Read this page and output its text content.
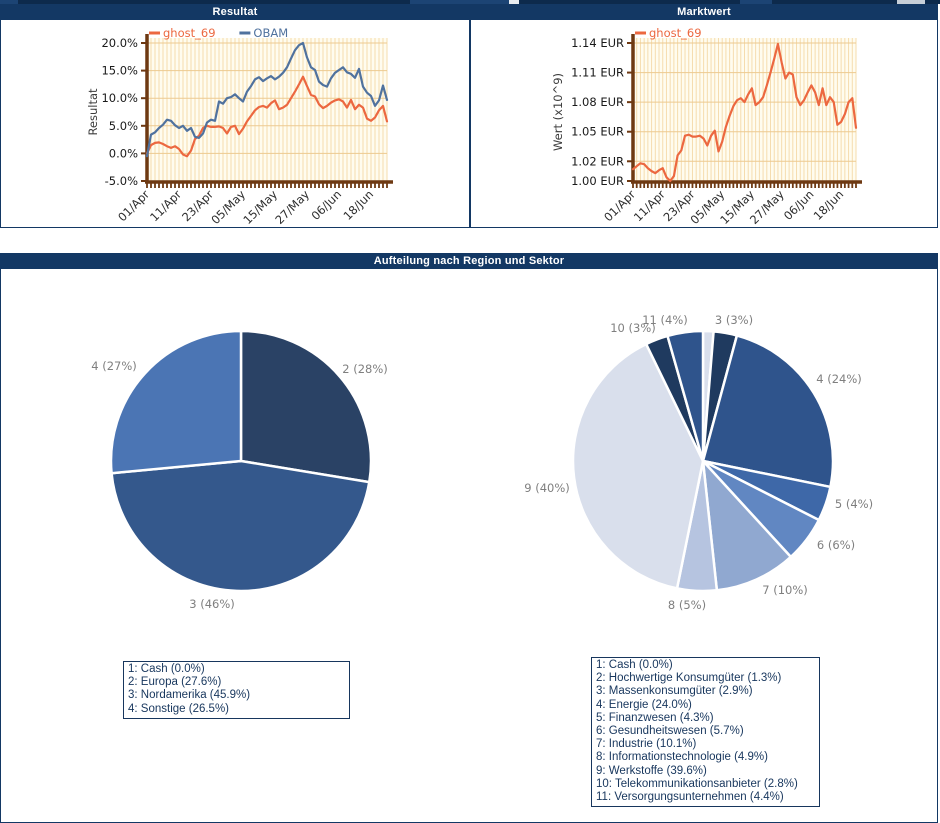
Resultat
20.0%
15.0%
10.0%
5.0%
0.0%
-5.0%
01/Apr
11/Apr
23/Apr
05/May
15/May
27/May
06/Jun
18/Jun
Resultat
ghost_69	OBAM
Marktwert
1.14 EUR
1.11 EUR
1.08 EUR
1.05 EUR
1.02 EUR
1.00 EUR
01/Apr
11/Apr
23/Apr
05/May
15/May
27/May
06/Jun
18/Jun
Wert (x10^9)
ghost_69
Aufteilung nach Region und Sektor
2 (28%)
3 (46%)
4 (27%)
3 (3%)
4 (24%)
5 (4%)
6 (6%)
7 (10%)
8 (5%)
9 (40%)
10 (3%)
11 (4%)
1: Cash (0.0%)
2: Europa (27.6%)
3: Nordamerika (45.9%)
4: Sonstige (26.5%)
1: Cash (0.0%)
2: Hochwertige Konsumgüter (1.3%)
3: Massenkonsumgüter (2.9%)
4: Energie (24.0%)
5: Finanzwesen (4.3%)
6: Gesundheitswesen (5.7%)
7: Industrie (10.1%)
8: Informationstechnologie (4.9%)
9: Werkstoffe (39.6%)
10: Telekommunikationsanbieter (2.8%)
11: Versorgungsunternehmen (4.4%)
